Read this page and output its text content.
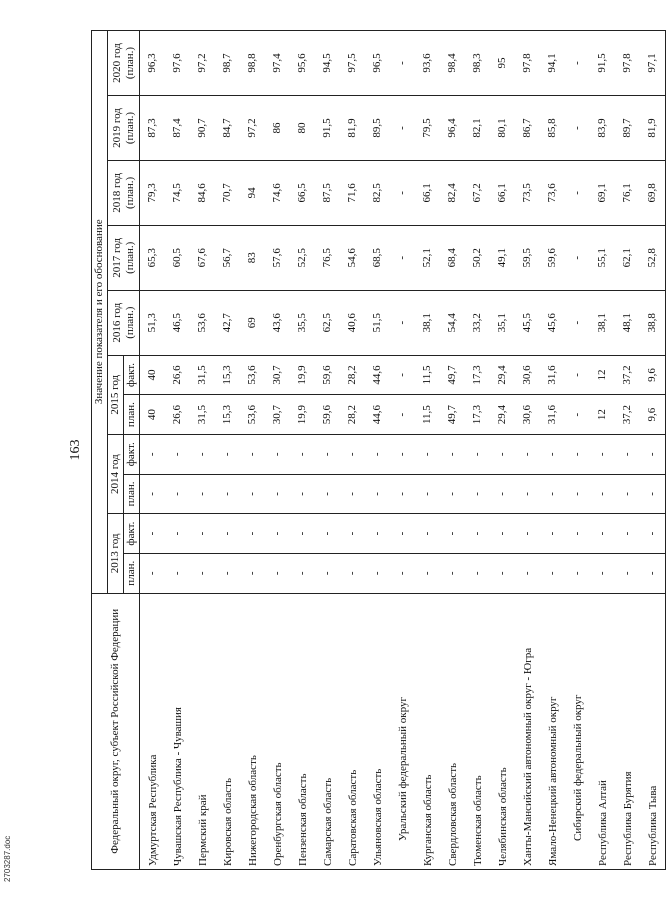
163
Федеральный округ, субъект Российской Федерации	Значение показателя и его обоснование										
	2013 год		2014 год		2015 год		2016 год (план.)	2017 год (план.)	2018 год (план.)	2019 год (план.)	2020 год (план.)
	план.	факт.	план.	факт.	план.	факт.					
Удмуртская Республика	-	-	-	-	40	40	51,3	65,3	79,3	87,3	96,3
Чувашская Республика - Чувашия	-	-	-	-	26,6	26,6	46,5	60,5	74,5	87,4	97,6
Пермский край	-	-	-	-	31,5	31,5	53,6	67,6	84,6	90,7	97,2
Кировская область	-	-	-	-	15,3	15,3	42,7	56,7	70,7	84,7	98,7
Нижегородская область	-	-	-	-	53,6	53,6	69	83	94	97,2	98,8
Оренбургская область	-	-	-	-	30,7	30,7	43,6	57,6	74,6	86	97,4
Пензенская область	-	-	-	-	19,9	19,9	35,5	52,5	66,5	80	95,6
Самарская область	-	-	-	-	59,6	59,6	62,5	76,5	87,5	91,5	94,5
Саратовская область	-	-	-	-	28,2	28,2	40,6	54,6	71,6	81,9	97,5
Ульяновская область	-	-	-	-	44,6	44,6	51,5	68,5	82,5	89,5	96,5
Уральский федеральный округ	-	-	-	-	-	-	-	-	-	-	-
Курганская область	-	-	-	-	11,5	11,5	38,1	52,1	66,1	79,5	93,6
Свердловская область	-	-	-	-	49,7	49,7	54,4	68,4	82,4	96,4	98,4
Тюменская область	-	-	-	-	17,3	17,3	33,2	50,2	67,2	82,1	98,3
Челябинская область	-	-	-	-	29,4	29,4	35,1	49,1	66,1	80,1	95
Ханты-Мансийский автономный округ - Югра	-	-	-	-	30,6	30,6	45,5	59,5	73,5	86,7	97,8
Ямало-Ненецкий автономный округ	-	-	-	-	31,6	31,6	45,6	59,6	73,6	85,8	94,1
Сибирский федеральный округ	-	-	-	-	-	-	-	-	-	-	-
Республика Алтай	-	-	-	-	12	12	38,1	55,1	69,1	83,9	91,5
Республика Бурятия	-	-	-	-	37,2	37,2	48,1	62,1	76,1	89,7	97,8
Республика Тыва	-	-	-	-	9,6	9,6	38,8	52,8	69,8	81,9	97,1
2703287.doc
